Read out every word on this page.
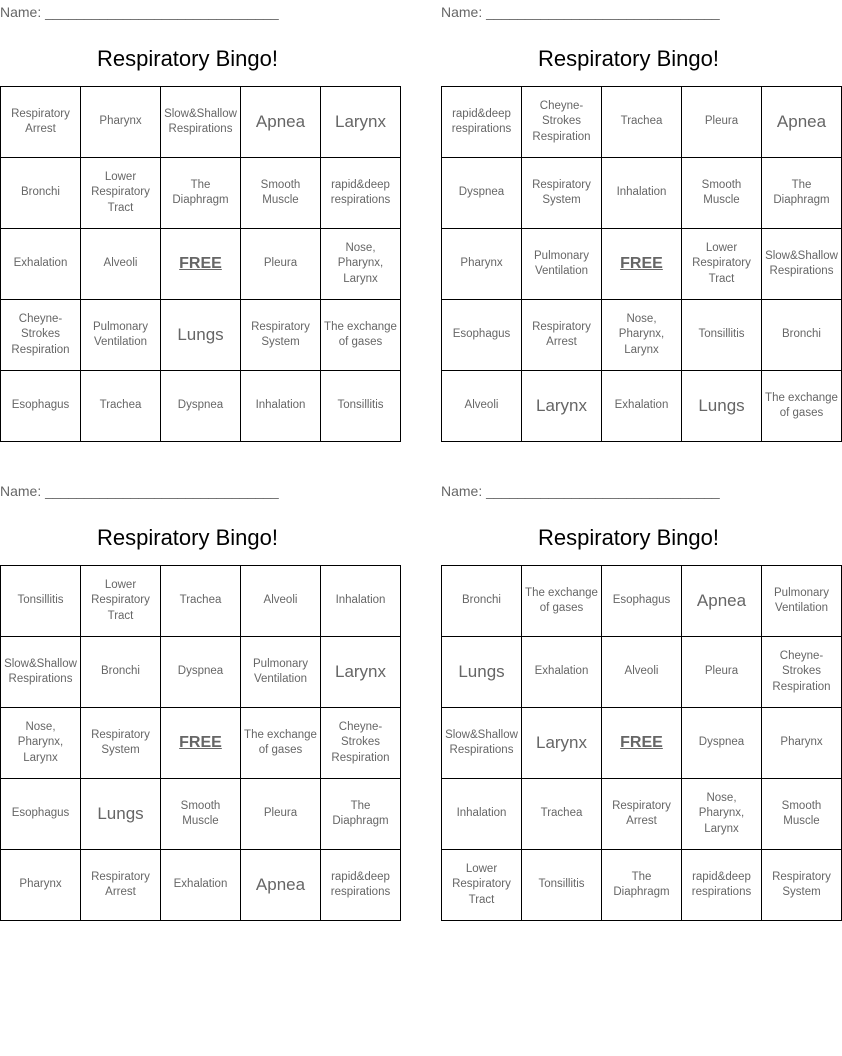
Name: ______________________________
Respiratory Bingo!
Respiratory Arrest	Pharynx	Slow&Shallow Respirations	Apnea	Larynx
Bronchi	Lower Respiratory Tract	The Diaphragm	Smooth Muscle	rapid&deep respirations
Exhalation	Alveoli	FREE	Pleura	Nose, Pharynx, Larynx
Cheyne-Strokes Respiration	Pulmonary Ventilation	Lungs	Respiratory System	The exchange of gases
Esophagus	Trachea	Dyspnea	Inhalation	Tonsillitis
Name: ______________________________
Respiratory Bingo!
rapid&deep respirations	Cheyne-Strokes Respiration	Trachea	Pleura	Apnea
Dyspnea	Respiratory System	Inhalation	Smooth Muscle	The Diaphragm
Pharynx	Pulmonary Ventilation	FREE	Lower Respiratory Tract	Slow&Shallow Respirations
Esophagus	Respiratory Arrest	Nose, Pharynx, Larynx	Tonsillitis	Bronchi
Alveoli	Larynx	Exhalation	Lungs	The exchange of gases
Name: ______________________________
Respiratory Bingo!
Tonsillitis	Lower Respiratory Tract	Trachea	Alveoli	Inhalation
Slow&Shallow Respirations	Bronchi	Dyspnea	Pulmonary Ventilation	Larynx
Nose, Pharynx, Larynx	Respiratory System	FREE	The exchange of gases	Cheyne-Strokes Respiration
Esophagus	Lungs	Smooth Muscle	Pleura	The Diaphragm
Pharynx	Respiratory Arrest	Exhalation	Apnea	rapid&deep respirations
Name: ______________________________
Respiratory Bingo!
Bronchi	The exchange of gases	Esophagus	Apnea	Pulmonary Ventilation
Lungs	Exhalation	Alveoli	Pleura	Cheyne-Strokes Respiration
Slow&Shallow Respirations	Larynx	FREE	Dyspnea	Pharynx
Inhalation	Trachea	Respiratory Arrest	Nose, Pharynx, Larynx	Smooth Muscle
Lower Respiratory Tract	Tonsillitis	The Diaphragm	rapid&deep respirations	Respiratory System
